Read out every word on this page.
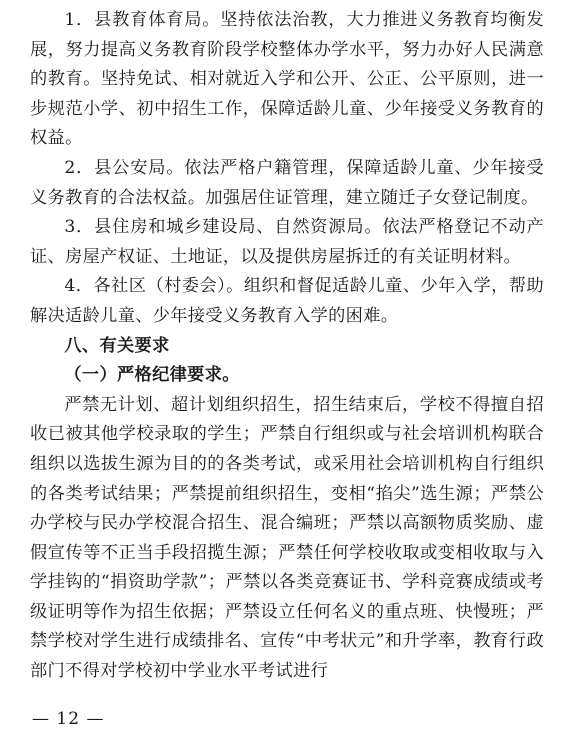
1．县教育体育局。坚持依法治教，大力推进义务教育均衡发展，努力提高义务教育阶段学校整体办学水平，努力办好人民满意的教育。坚持免试、相对就近入学和公开、公正、公平原则，进一步规范小学、初中招生工作，保障适龄儿童、少年接受义务教育的权益。

2．县公安局。依法严格户籍管理，保障适龄儿童、少年接受义务教育的合法权益。加强居住证管理，建立随迁子女登记制度。

3．县住房和城乡建设局、自然资源局。依法严格登记不动产证、房屋产权证、土地证，以及提供房屋拆迁的有关证明材料。

4．各社区（村委会）。组织和督促适龄儿童、少年入学，帮助解决适龄儿童、少年接受义务教育入学的困难。

八、有关要求
（一）严格纪律要求。

严禁无计划、超计划组织招生，招生结束后，学校不得擅自招收已被其他学校录取的学生；严禁自行组织或与社会培训机构联合组织以选拔生源为目的的各类考试，或采用社会培训机构自行组织的各类考试结果；严禁提前组织招生，变相“掐尖”选生源；严禁公办学校与民办学校混合招生、混合编班；严禁以高额物质奖励、虚假宣传等不正当手段招揽生源；严禁任何学校收取或变相收取与入学挂钩的“捐资助学款”；严禁以各类竞赛证书、学科竞赛成绩或考级证明等作为招生依据；严禁设立任何名义的重点班、快慢班；严禁学校对学生进行成绩排名、宣传“中考状元”和升学率，教育行政部门不得对学校初中学业水平考试进行

— 12 —
